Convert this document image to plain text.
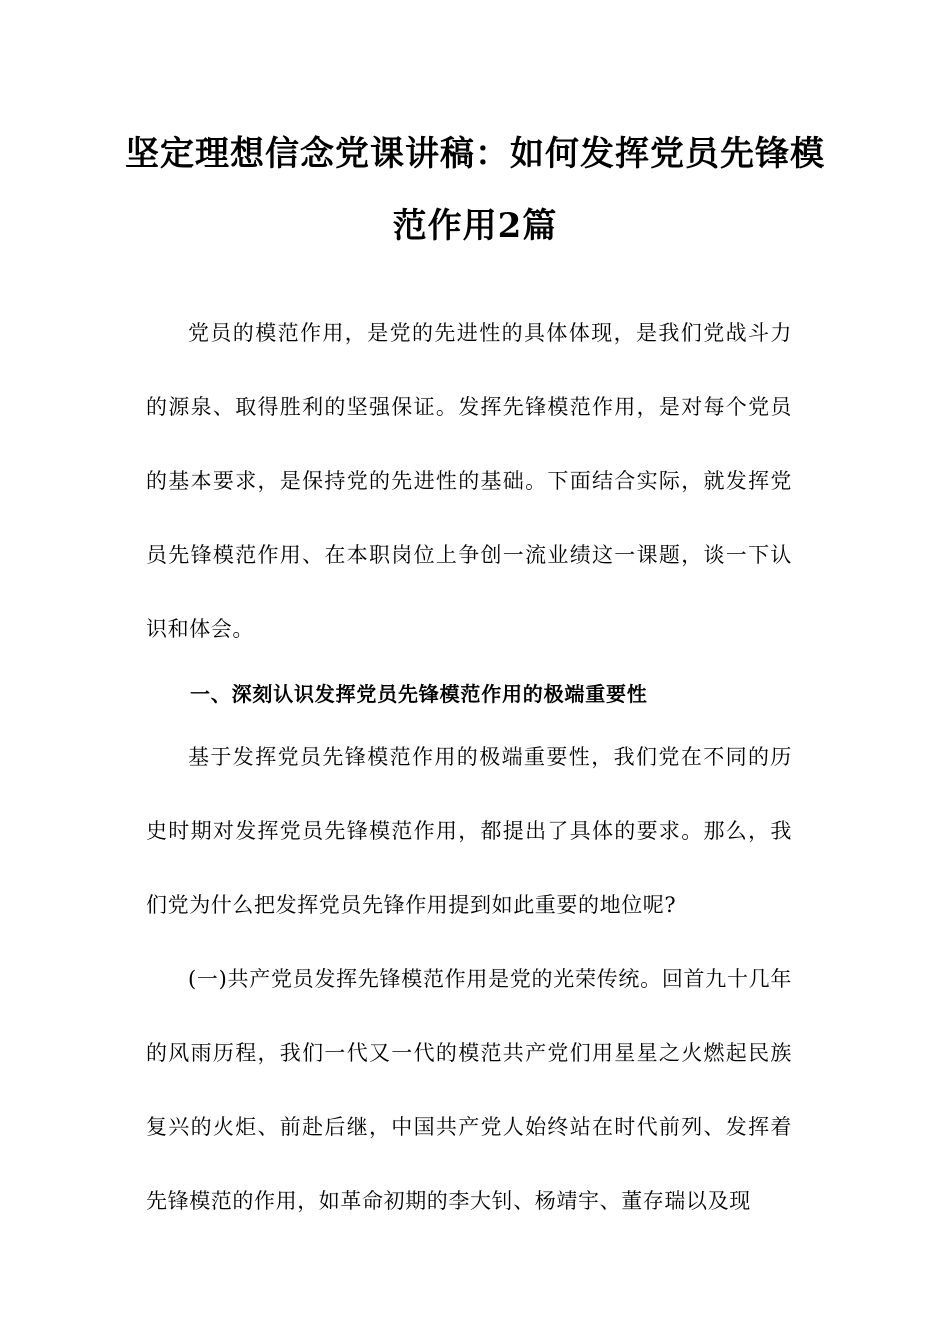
坚定理想信念党课讲稿：如何发挥党员先锋模范作用2篇

党员的模范作用，是党的先进性的具体体现，是我们党战斗力的源泉、取得胜利的坚强保证。发挥先锋模范作用，是对每个党员的基本要求，是保持党的先进性的基础。下面结合实际，就发挥党员先锋模范作用、在本职岗位上争创一流业绩这一课题，谈一下认识和体会。

一、深刻认识发挥党员先锋模范作用的极端重要性

基于发挥党员先锋模范作用的极端重要性，我们党在不同的历史时期对发挥党员先锋模范作用，都提出了具体的要求。那么，我们党为什么把发挥党员先锋作用提到如此重要的地位呢?

(一)共产党员发挥先锋模范作用是党的光荣传统。回首九十几年的风雨历程，我们一代又一代的模范共产党们用星星之火燃起民族复兴的火炬、前赴后继，中国共产党人始终站在时代前列、发挥着先锋模范的作用，如革命初期的李大钊、杨靖宇、董存瑞以及现
